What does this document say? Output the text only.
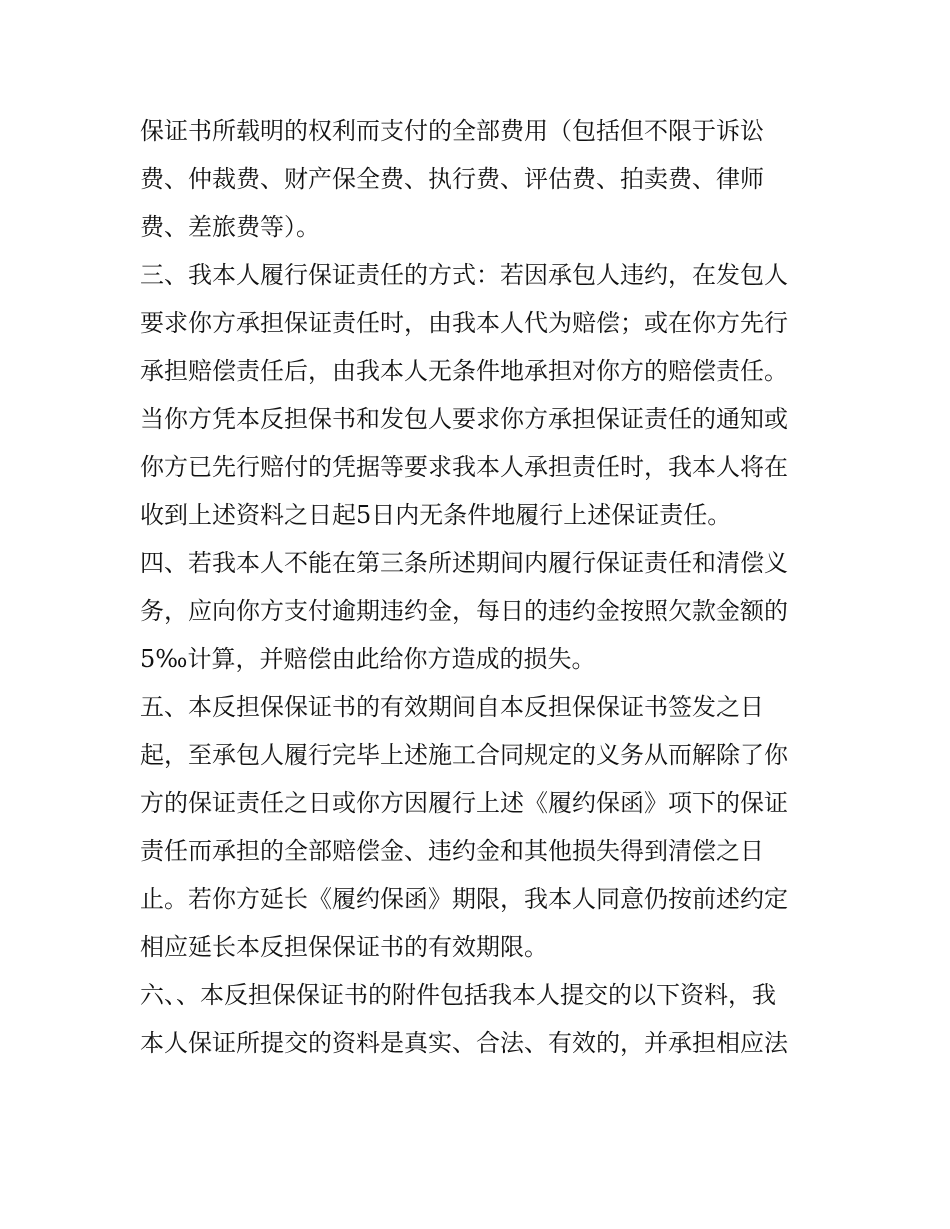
保证书所载明的权利而支付的全部费用（包括但不限于诉讼

费、仲裁费、财产保全费、执行费、评估费、拍卖费、律师

费、差旅费等）。

三、我本人履行保证责任的方式：若因承包人违约，在发包人

要求你方承担保证责任时，由我本人代为赔偿；或在你方先行

承担赔偿责任后，由我本人无条件地承担对你方的赔偿责任。

当你方凭本反担保书和发包人要求你方承担保证责任的通知或

你方已先行赔付的凭据等要求我本人承担责任时，我本人将在

收到上述资料之日起5日内无条件地履行上述保证责任。

四、若我本人不能在第三条所述期间内履行保证责任和清偿义

务，应向你方支付逾期违约金，每日的违约金按照欠款金额的

5‰计算，并赔偿由此给你方造成的损失。

五、本反担保保证书的有效期间自本反担保保证书签发之日

起，至承包人履行完毕上述施工合同规定的义务从而解除了你

方的保证责任之日或你方因履行上述《履约保函》项下的保证

责任而承担的全部赔偿金、违约金和其他损失得到清偿之日

止。若你方延长《履约保函》期限，我本人同意仍按前述约定

相应延长本反担保保证书的有效期限。

六、、本反担保保证书的附件包括我本人提交的以下资料，我

本人保证所提交的资料是真实、合法、有效的，并承担相应法
